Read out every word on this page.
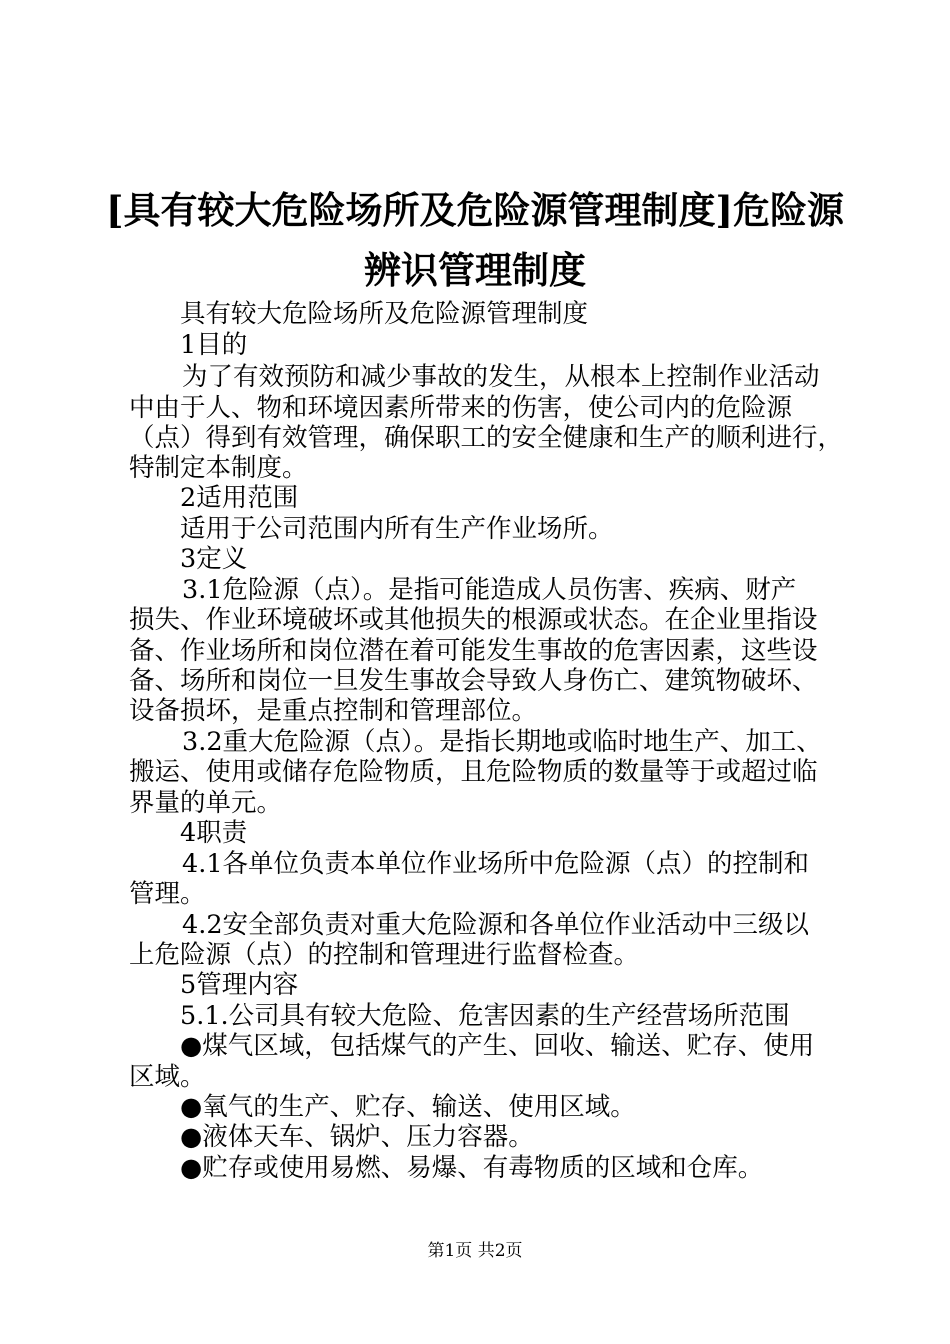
[具有较大危险场所及危险源管理制度]危险源
辨识管理制度
具有较大危险场所及危险源管理制度
1目的
为了有效预防和减少事故的发生，从根本上控制作业活动
中由于人、物和环境因素所带来的伤害，使公司内的危险源
（点）得到有效管理，确保职工的安全健康和生产的顺利进行，
特制定本制度。
2适用范围
适用于公司范围内所有生产作业场所。
3定义
3.1危险源（点）。是指可能造成人员伤害、疾病、财产
损失、作业环境破坏或其他损失的根源或状态。在企业里指设
备、作业场所和岗位潜在着可能发生事故的危害因素，这些设
备、场所和岗位一旦发生事故会导致人身伤亡、建筑物破坏、
设备损坏，是重点控制和管理部位。
3.2重大危险源（点）。是指长期地或临时地生产、加工、
搬运、使用或储存危险物质，且危险物质的数量等于或超过临
界量的单元。
4职责
4.1各单位负责本单位作业场所中危险源（点）的控制和
管理。
4.2安全部负责对重大危险源和各单位作业活动中三级以
上危险源（点）的控制和管理进行监督检查。
5管理内容
5.1.公司具有较大危险、危害因素的生产经营场所范围
●煤气区域，包括煤气的产生、回收、输送、贮存、使用
区域。
●氧气的生产、贮存、输送、使用区域。
●液体天车、锅炉、压力容器。
●贮存或使用易燃、易爆、有毒物质的区域和仓库。
第1页 共2页
